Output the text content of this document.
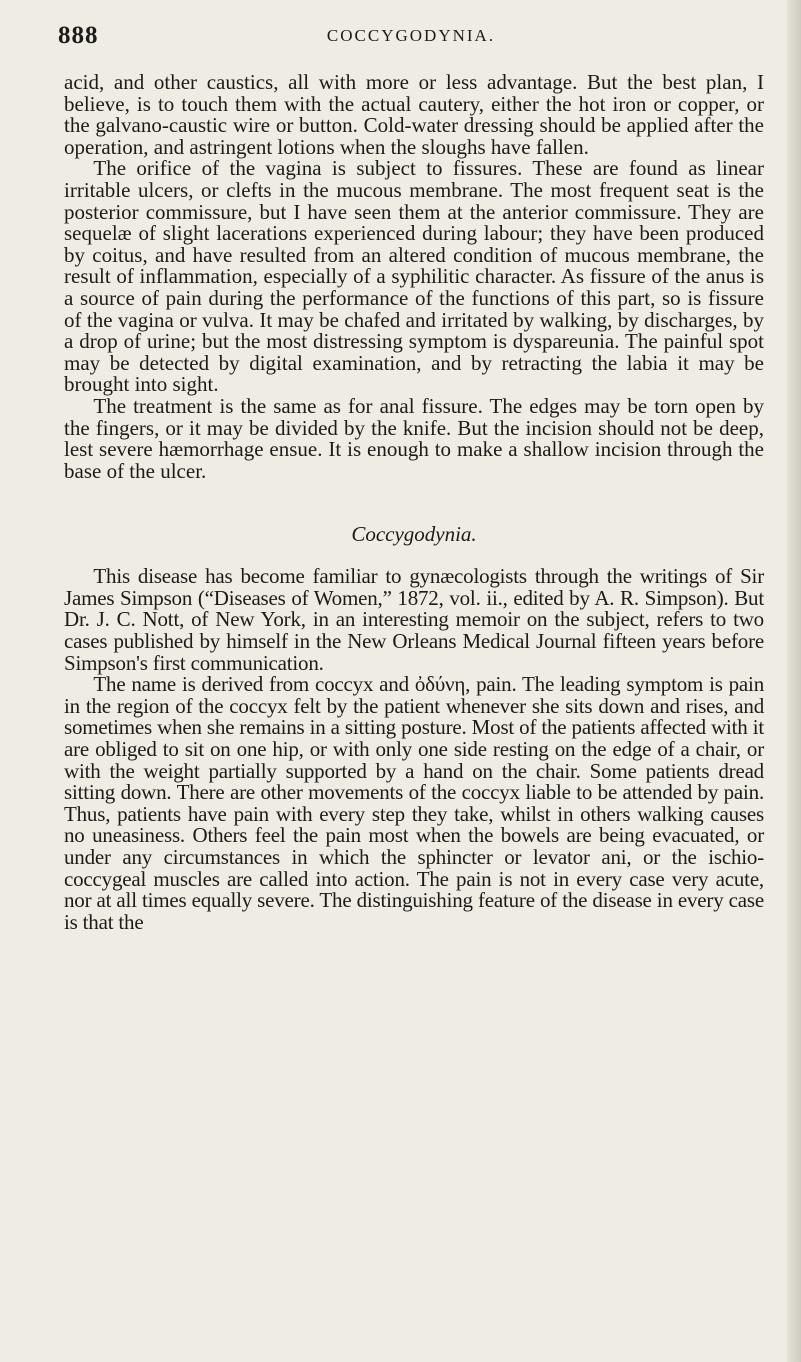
888	COCCYGODYNIA.

acid, and other caustics, all with more or less advantage. But the best plan, I believe, is to touch them with the actual cautery, either the hot iron or copper, or the galvano-caustic wire or button. Cold-water dressing should be applied after the operation, and astringent lotions when the sloughs have fallen.

The orifice of the vagina is subject to fissures. These are found as linear irritable ulcers, or clefts in the mucous membrane. The most frequent seat is the posterior commissure, but I have seen them at the anterior commissure. They are sequelæ of slight lacerations experienced during labour; they have been produced by coitus, and have resulted from an altered condition of mucous membrane, the result of inflammation, especially of a syphilitic character. As fissure of the anus is a source of pain during the performance of the functions of this part, so is fissure of the vagina or vulva. It may be chafed and irritated by walking, by discharges, by a drop of urine; but the most distressing symptom is dyspareunia. The painful spot may be detected by digital examination, and by retracting the labia it may be brought into sight.

The treatment is the same as for anal fissure. The edges may be torn open by the fingers, or it may be divided by the knife. But the incision should not be deep, lest severe hæmorrhage ensue. It is enough to make a shallow incision through the base of the ulcer.

Coccygodynia.

This disease has become familiar to gynæcologists through the writings of Sir James Simpson (“Diseases of Women,” 1872, vol. ii., edited by A. R. Simpson). But Dr. J. C. Nott, of New York, in an interesting memoir on the subject, refers to two cases published by himself in the New Orleans Medical Journal fifteen years before Simpson's first communication.

The name is derived from coccyx and ὀδύνη, pain. The leading symptom is pain in the region of the coccyx felt by the patient whenever she sits down and rises, and sometimes when she remains in a sitting posture. Most of the patients affected with it are obliged to sit on one hip, or with only one side resting on the edge of a chair, or with the weight partially supported by a hand on the chair. Some patients dread sitting down. There are other movements of the coccyx liable to be attended by pain. Thus, patients have pain with every step they take, whilst in others walking causes no uneasiness. Others feel the pain most when the bowels are being evacuated, or under any circumstances in which the sphincter or levator ani, or the ischio-coccygeal muscles are called into action. The pain is not in every case very acute, nor at all times equally severe. The distinguishing feature of the disease in every case is that the
